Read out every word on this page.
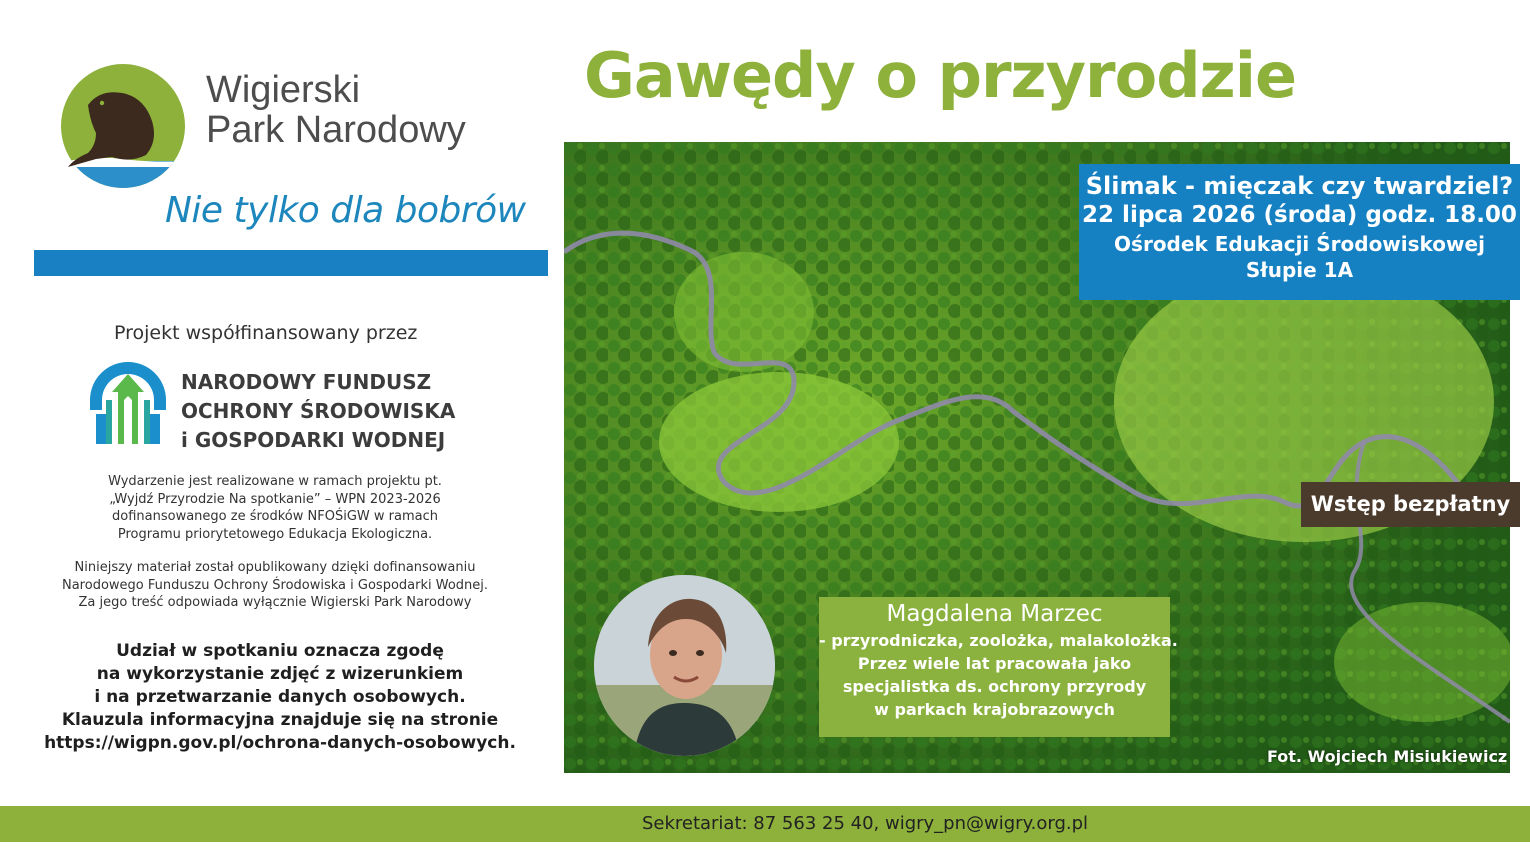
Wigierski
Park Narodowy
Nie tylko dla bobrów
Projekt współfinansowany przez
NARODOWY FUNDUSZ
OCHRONY ŚRODOWISKA
i GOSPODARKI WODNEJ
Wydarzenie jest realizowane w ramach projektu pt.
„Wyjdź Przyrodzie Na spotkanie” – WPN 2023-2026
dofinansowanego ze środków NFOŚiGW w ramach
Programu priorytetowego Edukacja Ekologiczna.
Niniejszy materiał został opublikowany dzięki dofinansowaniu
Narodowego Funduszu Ochrony Środowiska i Gospodarki Wodnej.
Za jego treść odpowiada wyłącznie Wigierski Park Narodowy
Udział w spotkaniu oznacza zgodę
na wykorzystanie zdjęć z wizerunkiem
i na przetwarzanie danych osobowych.
Klauzula informacyjna znajduje się na stronie
https://wigpn.gov.pl/ochrona-danych-osobowych.
Gawędy o przyrodzie
Ślimak - mięczak czy twardziel?
22 lipca 2026 (środa) godz. 18.00
Ośrodek Edukacji Środowiskowej
Słupie 1A
Wstęp bezpłatny
Magdalena Marzec
- przyrodniczka, zoolożka, malakolożka.
Przez wiele lat pracowała jako
specjalistka ds. ochrony przyrody
w parkach krajobrazowych
Fot. Wojciech Misiukiewicz
Sekretariat: 87 563 25 40, wigry_pn@wigry.org.pl
